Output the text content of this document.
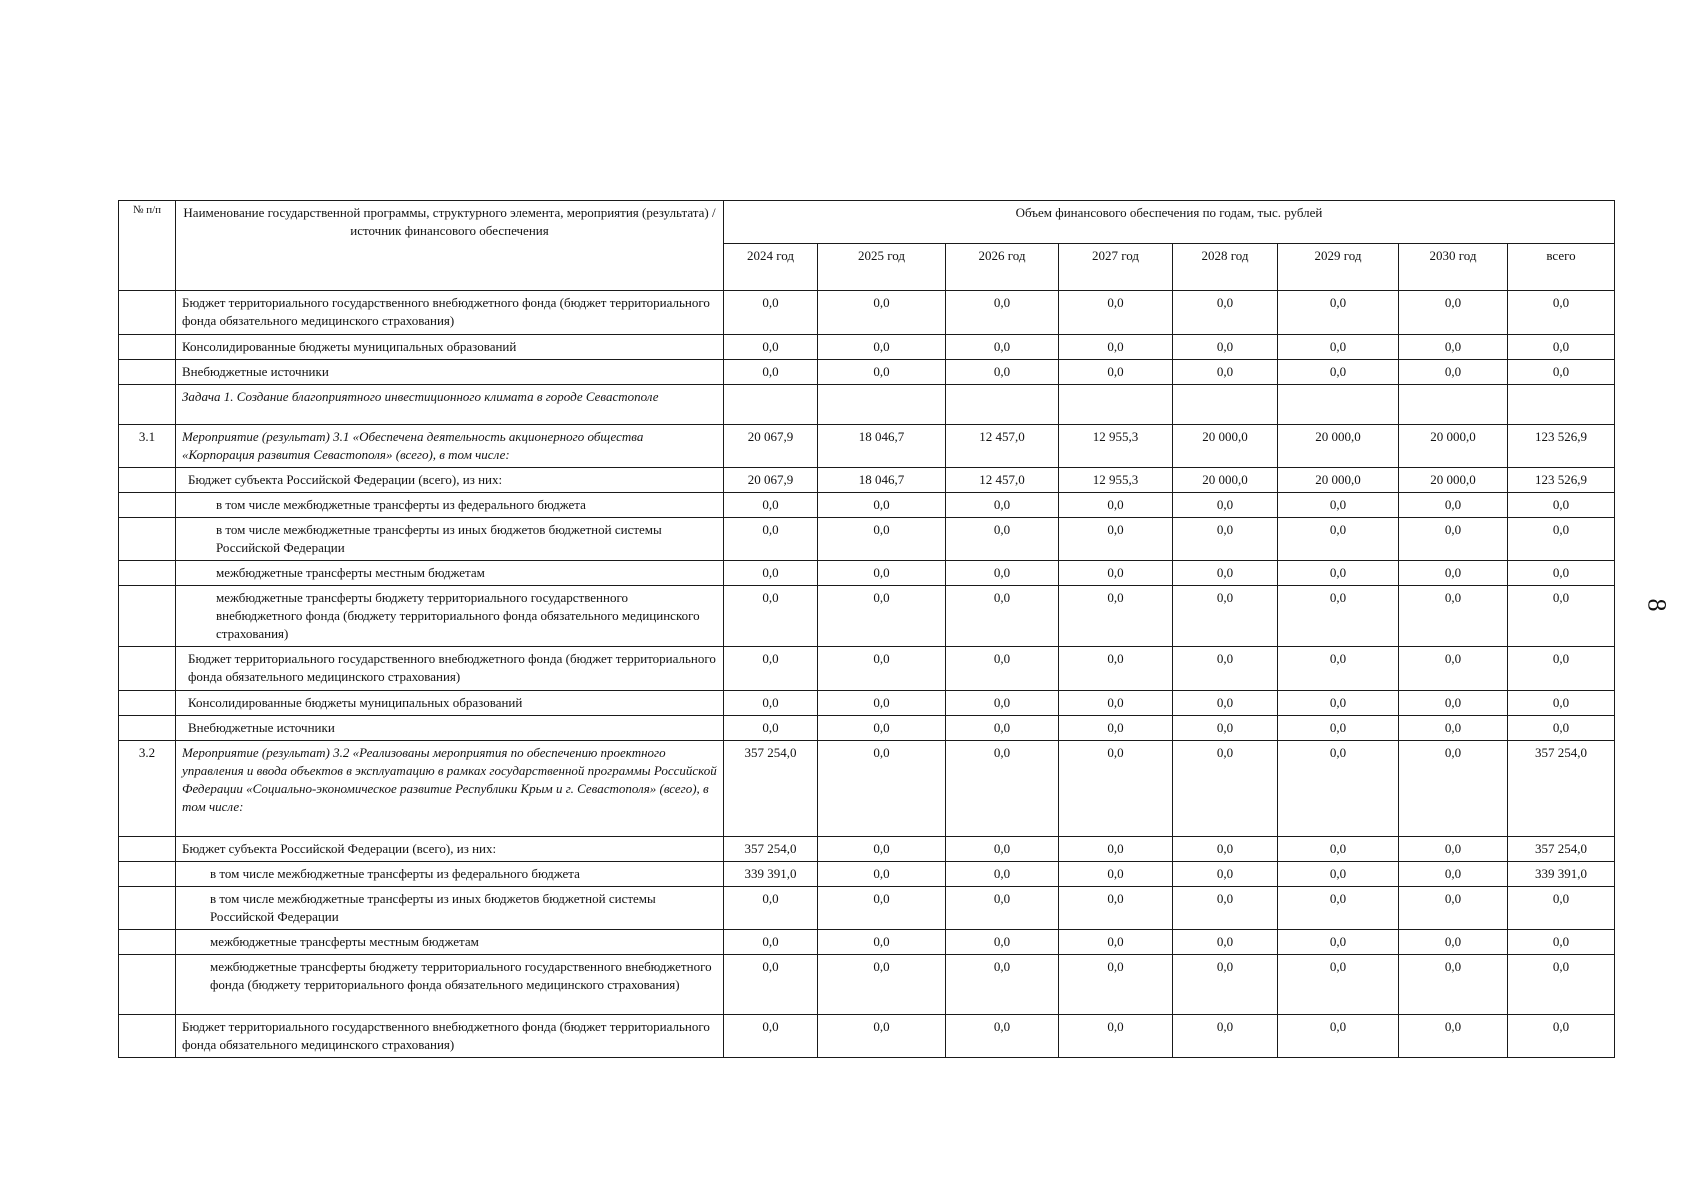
№ п/п	Наименование государственной программы, структурного элемента, мероприятия (результата) / источник финансового обеспечения	Объем финансового обеспечения по годам, тыс. рублей							
		2024 год	2025 год	2026 год	2027 год	2028 год	2029 год	2030 год	всего
	Бюджет территориального государственного внебюджетного фонда (бюджет территориального фонда обязательного медицинского страхования)	0,0	0,0	0,0	0,0	0,0	0,0	0,0	0,0
	Консолидированные бюджеты муниципальных образований	0,0	0,0	0,0	0,0	0,0	0,0	0,0	0,0
	Внебюджетные источники	0,0	0,0	0,0	0,0	0,0	0,0	0,0	0,0
	Задача 1. Создание благоприятного инвестиционного климата в городе Севастополе								
3.1	Мероприятие (результат) 3.1 «Обеспечена деятельность акционерного общества «Корпорация развития Севастополя» (всего), в том числе:	20 067,9	18 046,7	12 457,0	12 955,3	20 000,0	20 000,0	20 000,0	123 526,9
	Бюджет субъекта Российской Федерации (всего), из них:	20 067,9	18 046,7	12 457,0	12 955,3	20 000,0	20 000,0	20 000,0	123 526,9
	в том числе межбюджетные трансферты из федерального бюджета	0,0	0,0	0,0	0,0	0,0	0,0	0,0	0,0
	в том числе межбюджетные трансферты из иных бюджетов бюджетной системы Российской Федерации	0,0	0,0	0,0	0,0	0,0	0,0	0,0	0,0
	межбюджетные трансферты местным бюджетам	0,0	0,0	0,0	0,0	0,0	0,0	0,0	0,0
	межбюджетные трансферты бюджету территориального государственного внебюджетного фонда (бюджету территориального фонда обязательного медицинского страхования)	0,0	0,0	0,0	0,0	0,0	0,0	0,0	0,0
	Бюджет территориального государственного внебюджетного фонда (бюджет территориального фонда обязательного медицинского страхования)	0,0	0,0	0,0	0,0	0,0	0,0	0,0	0,0
	Консолидированные бюджеты муниципальных образований	0,0	0,0	0,0	0,0	0,0	0,0	0,0	0,0
	Внебюджетные источники	0,0	0,0	0,0	0,0	0,0	0,0	0,0	0,0
3.2	Мероприятие (результат) 3.2 «Реализованы мероприятия по обеспечению проектного управления и ввода объектов в эксплуатацию в рамках государственной программы Российской Федерации «Социально-экономическое развитие Республики Крым и г. Севастополя» (всего), в том числе:	357 254,0	0,0	0,0	0,0	0,0	0,0	0,0	357 254,0
	Бюджет субъекта Российской Федерации (всего), из них:	357 254,0	0,0	0,0	0,0	0,0	0,0	0,0	357 254,0
	в том числе межбюджетные трансферты из федерального бюджета	339 391,0	0,0	0,0	0,0	0,0	0,0	0,0	339 391,0
	в том числе межбюджетные трансферты из иных бюджетов бюджетной системы Российской Федерации	0,0	0,0	0,0	0,0	0,0	0,0	0,0	0,0
	межбюджетные трансферты местным бюджетам	0,0	0,0	0,0	0,0	0,0	0,0	0,0	0,0
	межбюджетные трансферты бюджету территориального государственного внебюджетного фонда (бюджету территориального фонда обязательного медицинского страхования)	0,0	0,0	0,0	0,0	0,0	0,0	0,0	0,0
	Бюджет территориального государственного внебюджетного фонда (бюджет территориального фонда обязательного медицинского страхования)	0,0	0,0	0,0	0,0	0,0	0,0	0,0	0,0
8
